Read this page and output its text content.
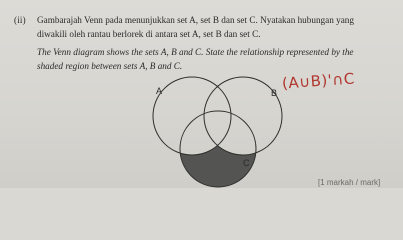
(ii) Gambarajah Venn pada menunjukkan set A, set B dan set C. Nyatakan hubungan yang
diwakili oleh rantau berlorek di antara set A, set B dan set C.
The Venn diagram shows the sets A, B and C. State the relationship represented by the
shaded region between sets A, B and C.
A	B
C
(A∪B)'∩C
[1 markah / mark]
